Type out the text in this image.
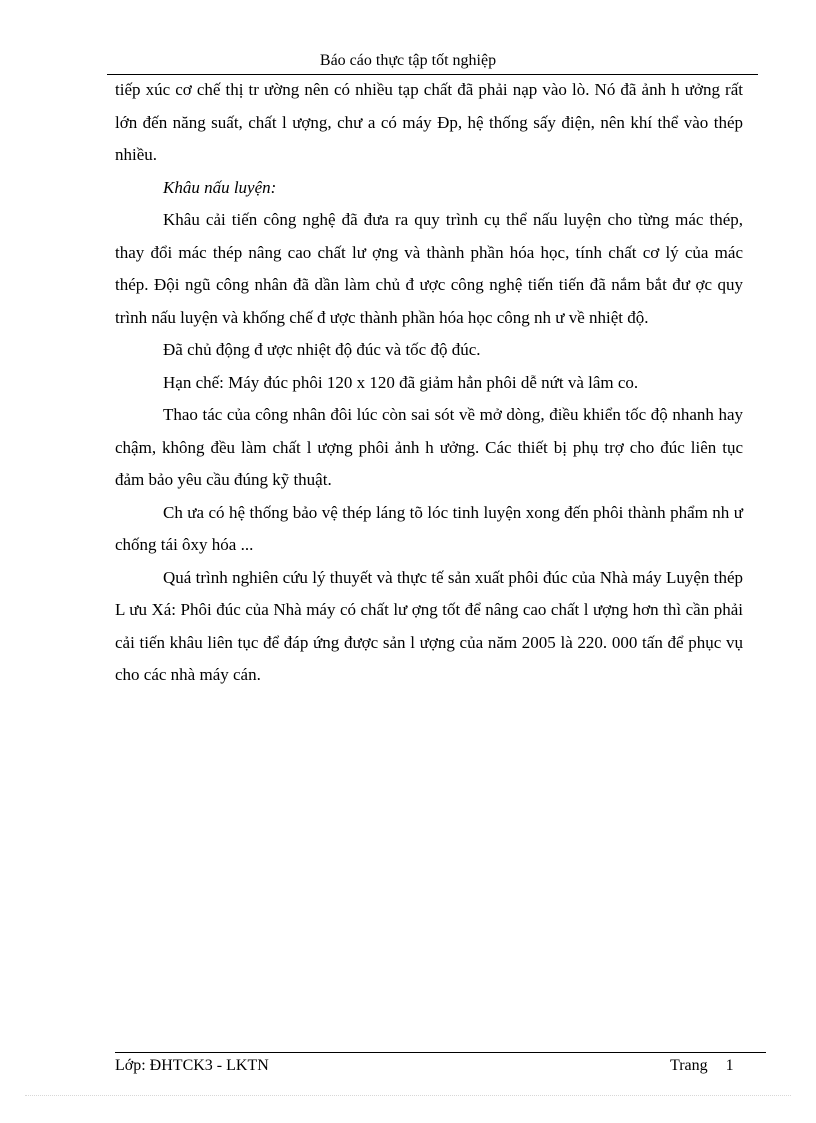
Báo cáo thực tập tốt nghiệp

tiếp xúc cơ chế thị tr ường nên có nhiều tạp chất đã phải nạp vào lò. Nó đã ảnh h ưởng rất lớn đến năng suất, chất l ượng, chư a có máy Đp, hệ thống sấy điện, nên khí thể vào thép nhiều.

Khâu nấu luyện:

Khâu cải tiến công nghệ đã đưa ra quy trình cụ thể nấu luyện cho từng mác thép, thay đổi mác thép nâng cao chất lư ợng và thành phần hóa học, tính chất cơ lý của mác thép. Đội ngũ công nhân đã dần làm chủ đ ược công nghệ tiến tiến đã nắm bắt đư ợc quy trình nấu luyện và khống chế đ ược thành phần hóa học công nh ư về nhiệt độ.

Đã chủ động đ ược nhiệt độ đúc và tốc độ đúc.

Hạn chế: Máy đúc phôi 120 x 120 đã giảm hẳn phôi dễ nứt và lâm co.

Thao tác của công nhân đôi lúc còn sai sót về mở dòng, điều khiển tốc độ nhanh hay chậm, không đều làm chất l ượng phôi ảnh h ưởng. Các thiết bị phụ trợ cho đúc liên tục đảm bảo yêu cầu đúng kỹ thuật.

Ch ưa có hệ thống bảo vệ thép láng tõ lóc tinh luyện xong đến phôi thành phẩm nh ư chống tái ôxy hóa ...

Quá trình nghiên cứu lý thuyết và thực tế sản xuất phôi đúc của Nhà máy Luyện thép L ưu Xá: Phôi đúc của Nhà máy có chất lư ợng tốt để nâng cao chất l ượng hơn thì cần phải cải tiến khâu liên tục để đáp ứng được sản l ượng của năm 2005 là 220. 000 tấn để phục vụ cho các nhà máy cán.

Lớp: ĐHTCK3 - LKTN	Trang 1
